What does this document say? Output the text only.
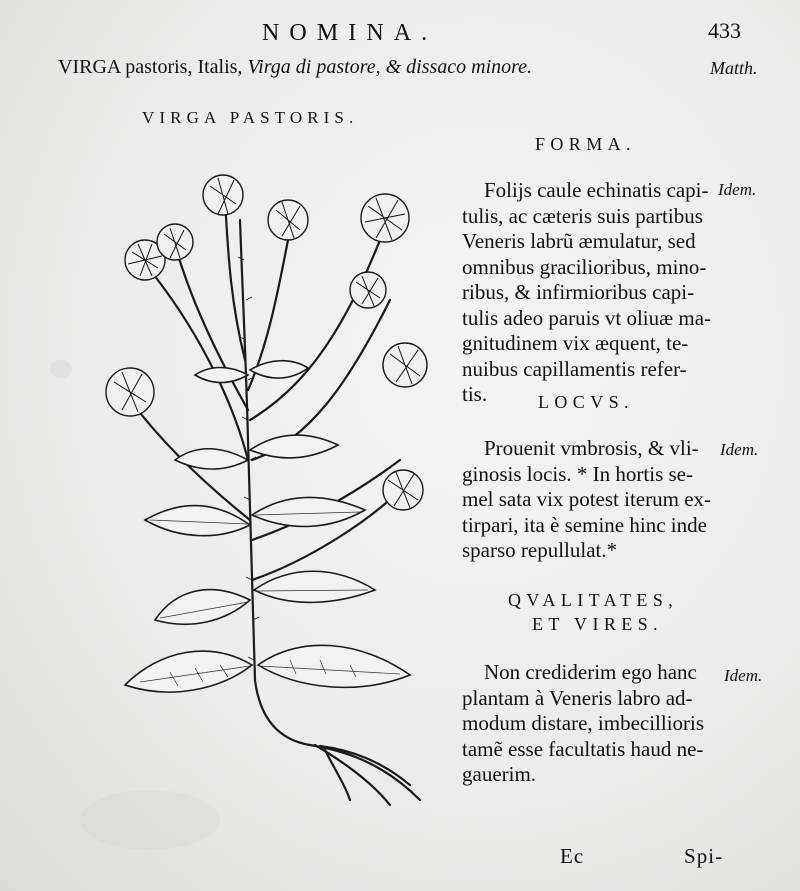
NOMINA.	433
VIRGA pastoris, Italis, Virga di pastore, & dissaco minore.	Matth.
VIRGA PASTORIS.
FORMA.
Idem.
Folijs caule echinatis capi-
tulis, ac cæteris suis partibus
Veneris labrũ æmulatur, sed
omnibus gracilioribus, mino-
ribus, & infirmioribus capi-
tulis adeo paruis vt oliuæ ma-
gnitudinem vix æquent, te-
nuibus capillamentis refer-
tis.	LOCVS.
Idem.
Prouenit vmbrosis, & vli-
ginosis locis. * In hortis se-
mel sata vix potest iterum ex-
tirpari, ita è semine hinc inde
sparso repullulat.*
QVALITATES,
ET VIRES.
Idem.
Non crediderim ego hanc
plantam à Veneris labro ad-
modum distare, imbecillioris
tamẽ esse facultatis haud ne-
gauerim.
Ec	Spi-
